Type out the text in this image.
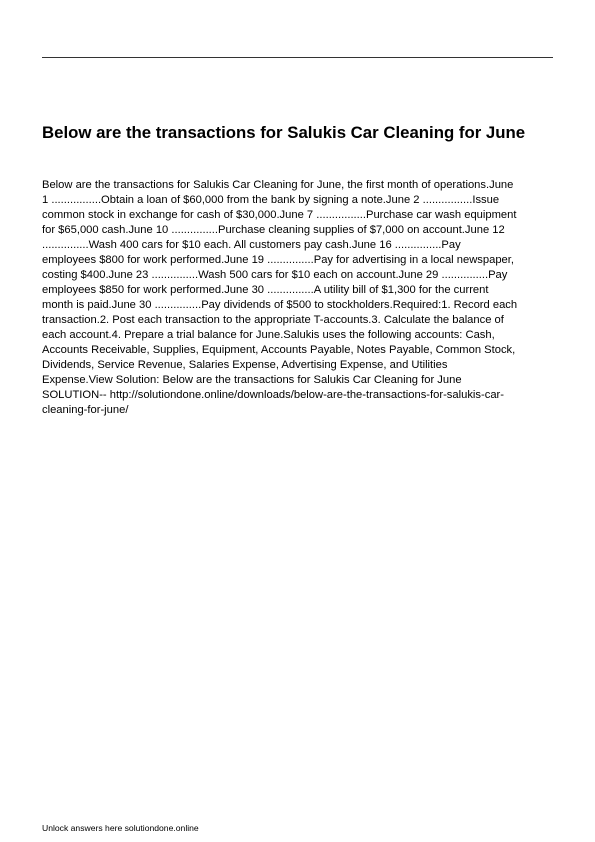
Below are the transactions for Salukis Car Cleaning for June
Below are the transactions for Salukis Car Cleaning for June, the first month of operations.June
1 ................Obtain a loan of $60,000 from the bank by signing a note.June 2 ................Issue
common stock in exchange for cash of $30,000.June 7 ................Purchase car wash equipment
for $65,000 cash.June 10 ...............Purchase cleaning supplies of $7,000 on account.June 12
...............Wash 400 cars for $10 each. All customers pay cash.June 16 ...............Pay
employees $800 for work performed.June 19 ...............Pay for advertising in a local newspaper,
costing $400.June 23 ...............Wash 500 cars for $10 each on account.June 29 ...............Pay
employees $850 for work performed.June 30 ...............A utility bill of $1,300 for the current
month is paid.June 30 ...............Pay dividends of $500 to stockholders.Required:1. Record each
transaction.2. Post each transaction to the appropriate T-accounts.3. Calculate the balance of
each account.4. Prepare a trial balance for June.Salukis uses the following accounts: Cash,
Accounts Receivable, Supplies, Equipment, Accounts Payable, Notes Payable, Common Stock,
Dividends, Service Revenue, Salaries Expense, Advertising Expense, and Utilities
Expense.View Solution: Below are the transactions for Salukis Car Cleaning for June
SOLUTION-- http://solutiondone.online/downloads/below-are-the-transactions-for-salukis-car-
cleaning-for-june/

Unlock answers here solutiondone.online
